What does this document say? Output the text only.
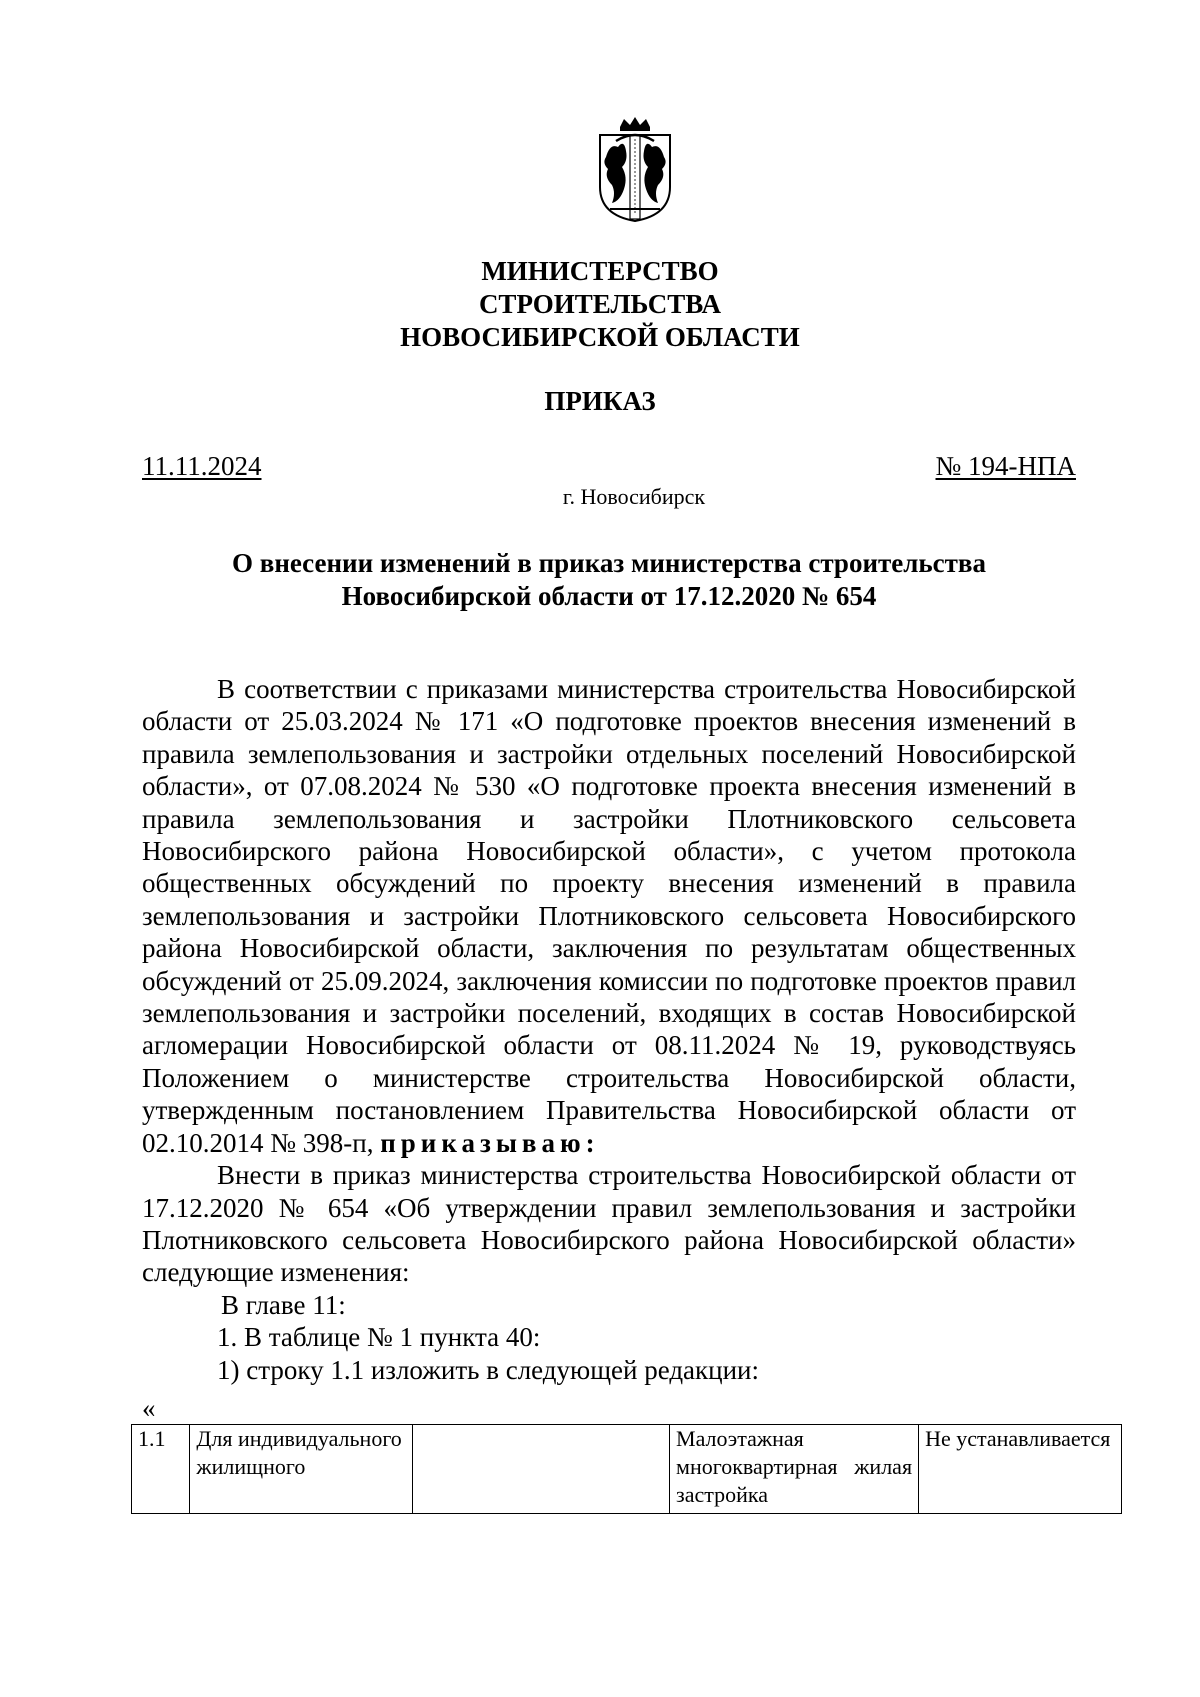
МИНИСТЕРСТВО
СТРОИТЕЛЬСТВА
НОВОСИБИРСКОЙ ОБЛАСТИ
ПРИКАЗ
11.11.2024	№ 194-НПА
г. Новосибирск
О внесении изменений в приказ министерства строительства
Новосибирской области от 17.12.2020 № 654

В соответствии с приказами министерства строительства Новосибирской области от 25.03.2024 № 171 «О подготовке проектов внесения изменений в правила землепользования и застройки отдельных поселений Новосибирской области», от 07.08.2024 № 530 «О подготовке проекта внесения изменений в правила землепользования и застройки Плотниковского сельсовета Новосибирского района Новосибирской области», с учетом протокола общественных обсуждений по проекту внесения изменений в правила землепользования и застройки Плотниковского сельсовета Новосибирского района Новосибирской области, заключения по результатам общественных обсуждений от 25.09.2024, заключения комиссии по подготовке проектов правил землепользования и застройки поселений, входящих в состав Новосибирской агломерации Новосибирской области от 08.11.2024 № 19, руководствуясь Положением о министерстве строительства Новосибирской области, утвержденным постановлением Правительства Новосибирской области от 02.10.2014 № 398-п, приказываю:

Внести в приказ министерства строительства Новосибирской области от 17.12.2020 № 654 «Об утверждении правил землепользования и застройки Плотниковского сельсовета Новосибирского района Новосибирской области» следующие изменения:

В главе 11:

1. В таблице № 1 пункта 40:

1) строку 1.1 изложить в следующей редакции:

«
1.1	Для индивидуального жилищного		Малоэтажная многоквартирная жилая застройка	Не устанавливается
